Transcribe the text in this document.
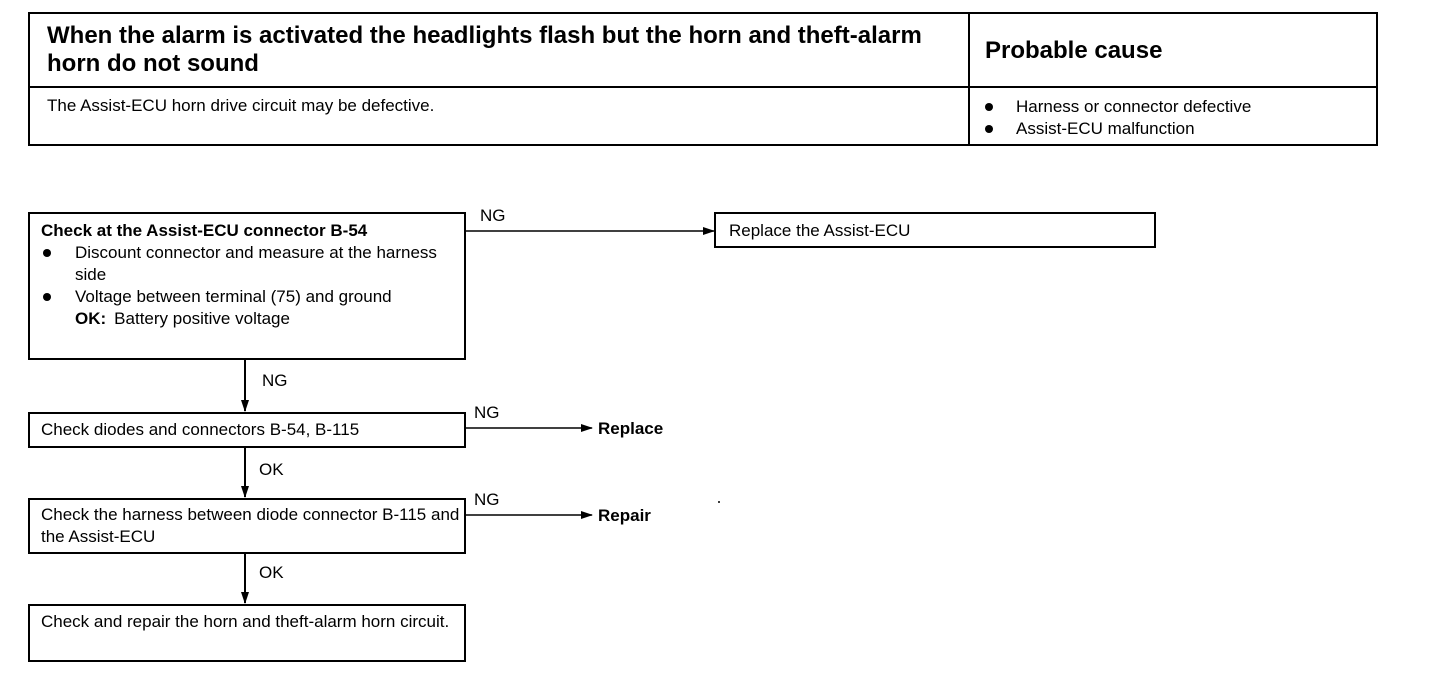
When the alarm is activated the headlights flash but the horn and theft-alarm horn do not sound	Probable cause
The Assist-ECU horn drive circuit may be defective.	Harness or connector defective
Assist-ECU malfunction
Check at the Assist-ECU connector B-54
Discount connector and measure at the harness side
Voltage between terminal (75) and ground
OK: Battery positive voltage
NG
Replace the Assist-ECU
NG
Check diodes and connectors B-54, B-115
NG
Replace
OK
Check the harness between diode connector B-115 and the Assist-ECU
NG
Repair
OK
Check and repair the horn and theft-alarm horn circuit.
